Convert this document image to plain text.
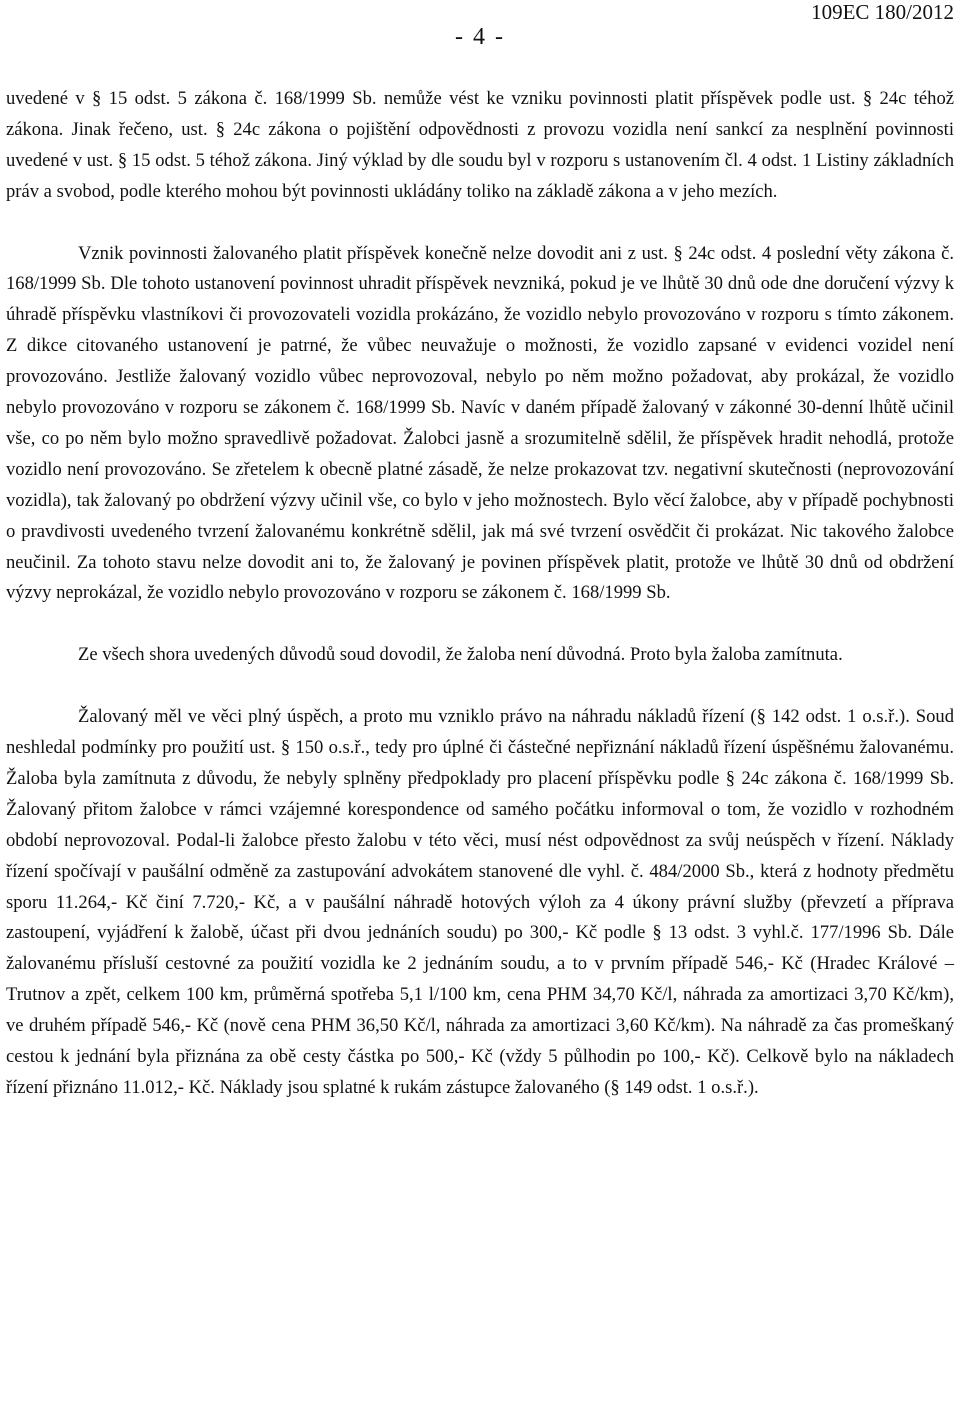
- 4 -
109EC 180/2012

uvedené v § 15 odst. 5 zákona č. 168/1999 Sb. nemůže vést ke vzniku povinnosti platit příspěvek podle ust. § 24c téhož zákona. Jinak řečeno, ust. § 24c zákona o pojištění odpovědnosti z provozu vozidla není sankcí za nesplnění povinnosti uvedené v ust. § 15 odst. 5 téhož zákona. Jiný výklad by dle soudu byl v rozporu s ustanovením čl. 4 odst. 1 Listiny základních práv a svobod, podle kterého mohou být povinnosti ukládány toliko na základě zákona a v jeho mezích.

Vznik povinnosti žalovaného platit příspěvek konečně nelze dovodit ani z ust. § 24c odst. 4 poslední věty zákona č. 168/1999 Sb. Dle tohoto ustanovení povinnost uhradit příspěvek nevzniká, pokud je ve lhůtě 30 dnů ode dne doručení výzvy k úhradě příspěvku vlastníkovi či provozovateli vozidla prokázáno, že vozidlo nebylo provozováno v rozporu s tímto zákonem. Z dikce citovaného ustanovení je patrné, že vůbec neuvažuje o možnosti, že vozidlo zapsané v evidenci vozidel není provozováno. Jestliže žalovaný vozidlo vůbec neprovozoval, nebylo po něm možno požadovat, aby prokázal, že vozidlo nebylo provozováno v rozporu se zákonem č. 168/1999 Sb. Navíc v daném případě žalovaný v zákonné 30-denní lhůtě učinil vše, co po něm bylo možno spravedlivě požadovat. Žalobci jasně a srozumitelně sdělil, že příspěvek hradit nehodlá, protože vozidlo není provozováno. Se zřetelem k obecně platné zásadě, že nelze prokazovat tzv. negativní skutečnosti (neprovozování vozidla), tak žalovaný po obdržení výzvy učinil vše, co bylo v jeho možnostech. Bylo věcí žalobce, aby v případě pochybnosti o pravdivosti uvedeného tvrzení žalovanému konkrétně sdělil, jak má své tvrzení osvědčit či prokázat. Nic takového žalobce neučinil. Za tohoto stavu nelze dovodit ani to, že žalovaný je povinen příspěvek platit, protože ve lhůtě 30 dnů od obdržení výzvy neprokázal, že vozidlo nebylo provozováno v rozporu se zákonem č. 168/1999 Sb.

Ze všech shora uvedených důvodů soud dovodil, že žaloba není důvodná. Proto byla žaloba zamítnuta.

Žalovaný měl ve věci plný úspěch, a proto mu vzniklo právo na náhradu nákladů řízení (§ 142 odst. 1 o.s.ř.). Soud neshledal podmínky pro použití ust. § 150 o.s.ř., tedy pro úplné či částečné nepřiznání nákladů řízení úspěšnému žalovanému. Žaloba byla zamítnuta z důvodu, že nebyly splněny předpoklady pro placení příspěvku podle § 24c zákona č. 168/1999 Sb. Žalovaný přitom žalobce v rámci vzájemné korespondence od samého počátku informoval o tom, že vozidlo v rozhodném období neprovozoval. Podal-li žalobce přesto žalobu v této věci, musí nést odpovědnost za svůj neúspěch v řízení. Náklady řízení spočívají v paušální odměně za zastupování advokátem stanovené dle vyhl. č. 484/2000 Sb., která z hodnoty předmětu sporu 11.264,- Kč činí 7.720,- Kč, a v paušální náhradě hotových výloh za 4 úkony právní služby (převzetí a příprava zastoupení, vyjádření k žalobě, účast při dvou jednáních soudu) po 300,- Kč podle § 13 odst. 3 vyhl.č. 177/1996 Sb. Dále žalovanému přísluší cestovné za použití vozidla ke 2 jednáním soudu, a to v prvním případě 546,- Kč (Hradec Králové – Trutnov a zpět, celkem 100 km, průměrná spotřeba 5,1 l/100 km, cena PHM 34,70 Kč/l, náhrada za amortizaci 3,70 Kč/km), ve druhém případě 546,- Kč (nově cena PHM 36,50 Kč/l, náhrada za amortizaci 3,60 Kč/km). Na náhradě za čas promeškaný cestou k jednání byla přiznána za obě cesty částka po 500,- Kč (vždy 5 půlhodin po 100,- Kč). Celkově bylo na nákladech řízení přiznáno 11.012,- Kč. Náklady jsou splatné k rukám zástupce žalovaného (§ 149 odst. 1 o.s.ř.).
